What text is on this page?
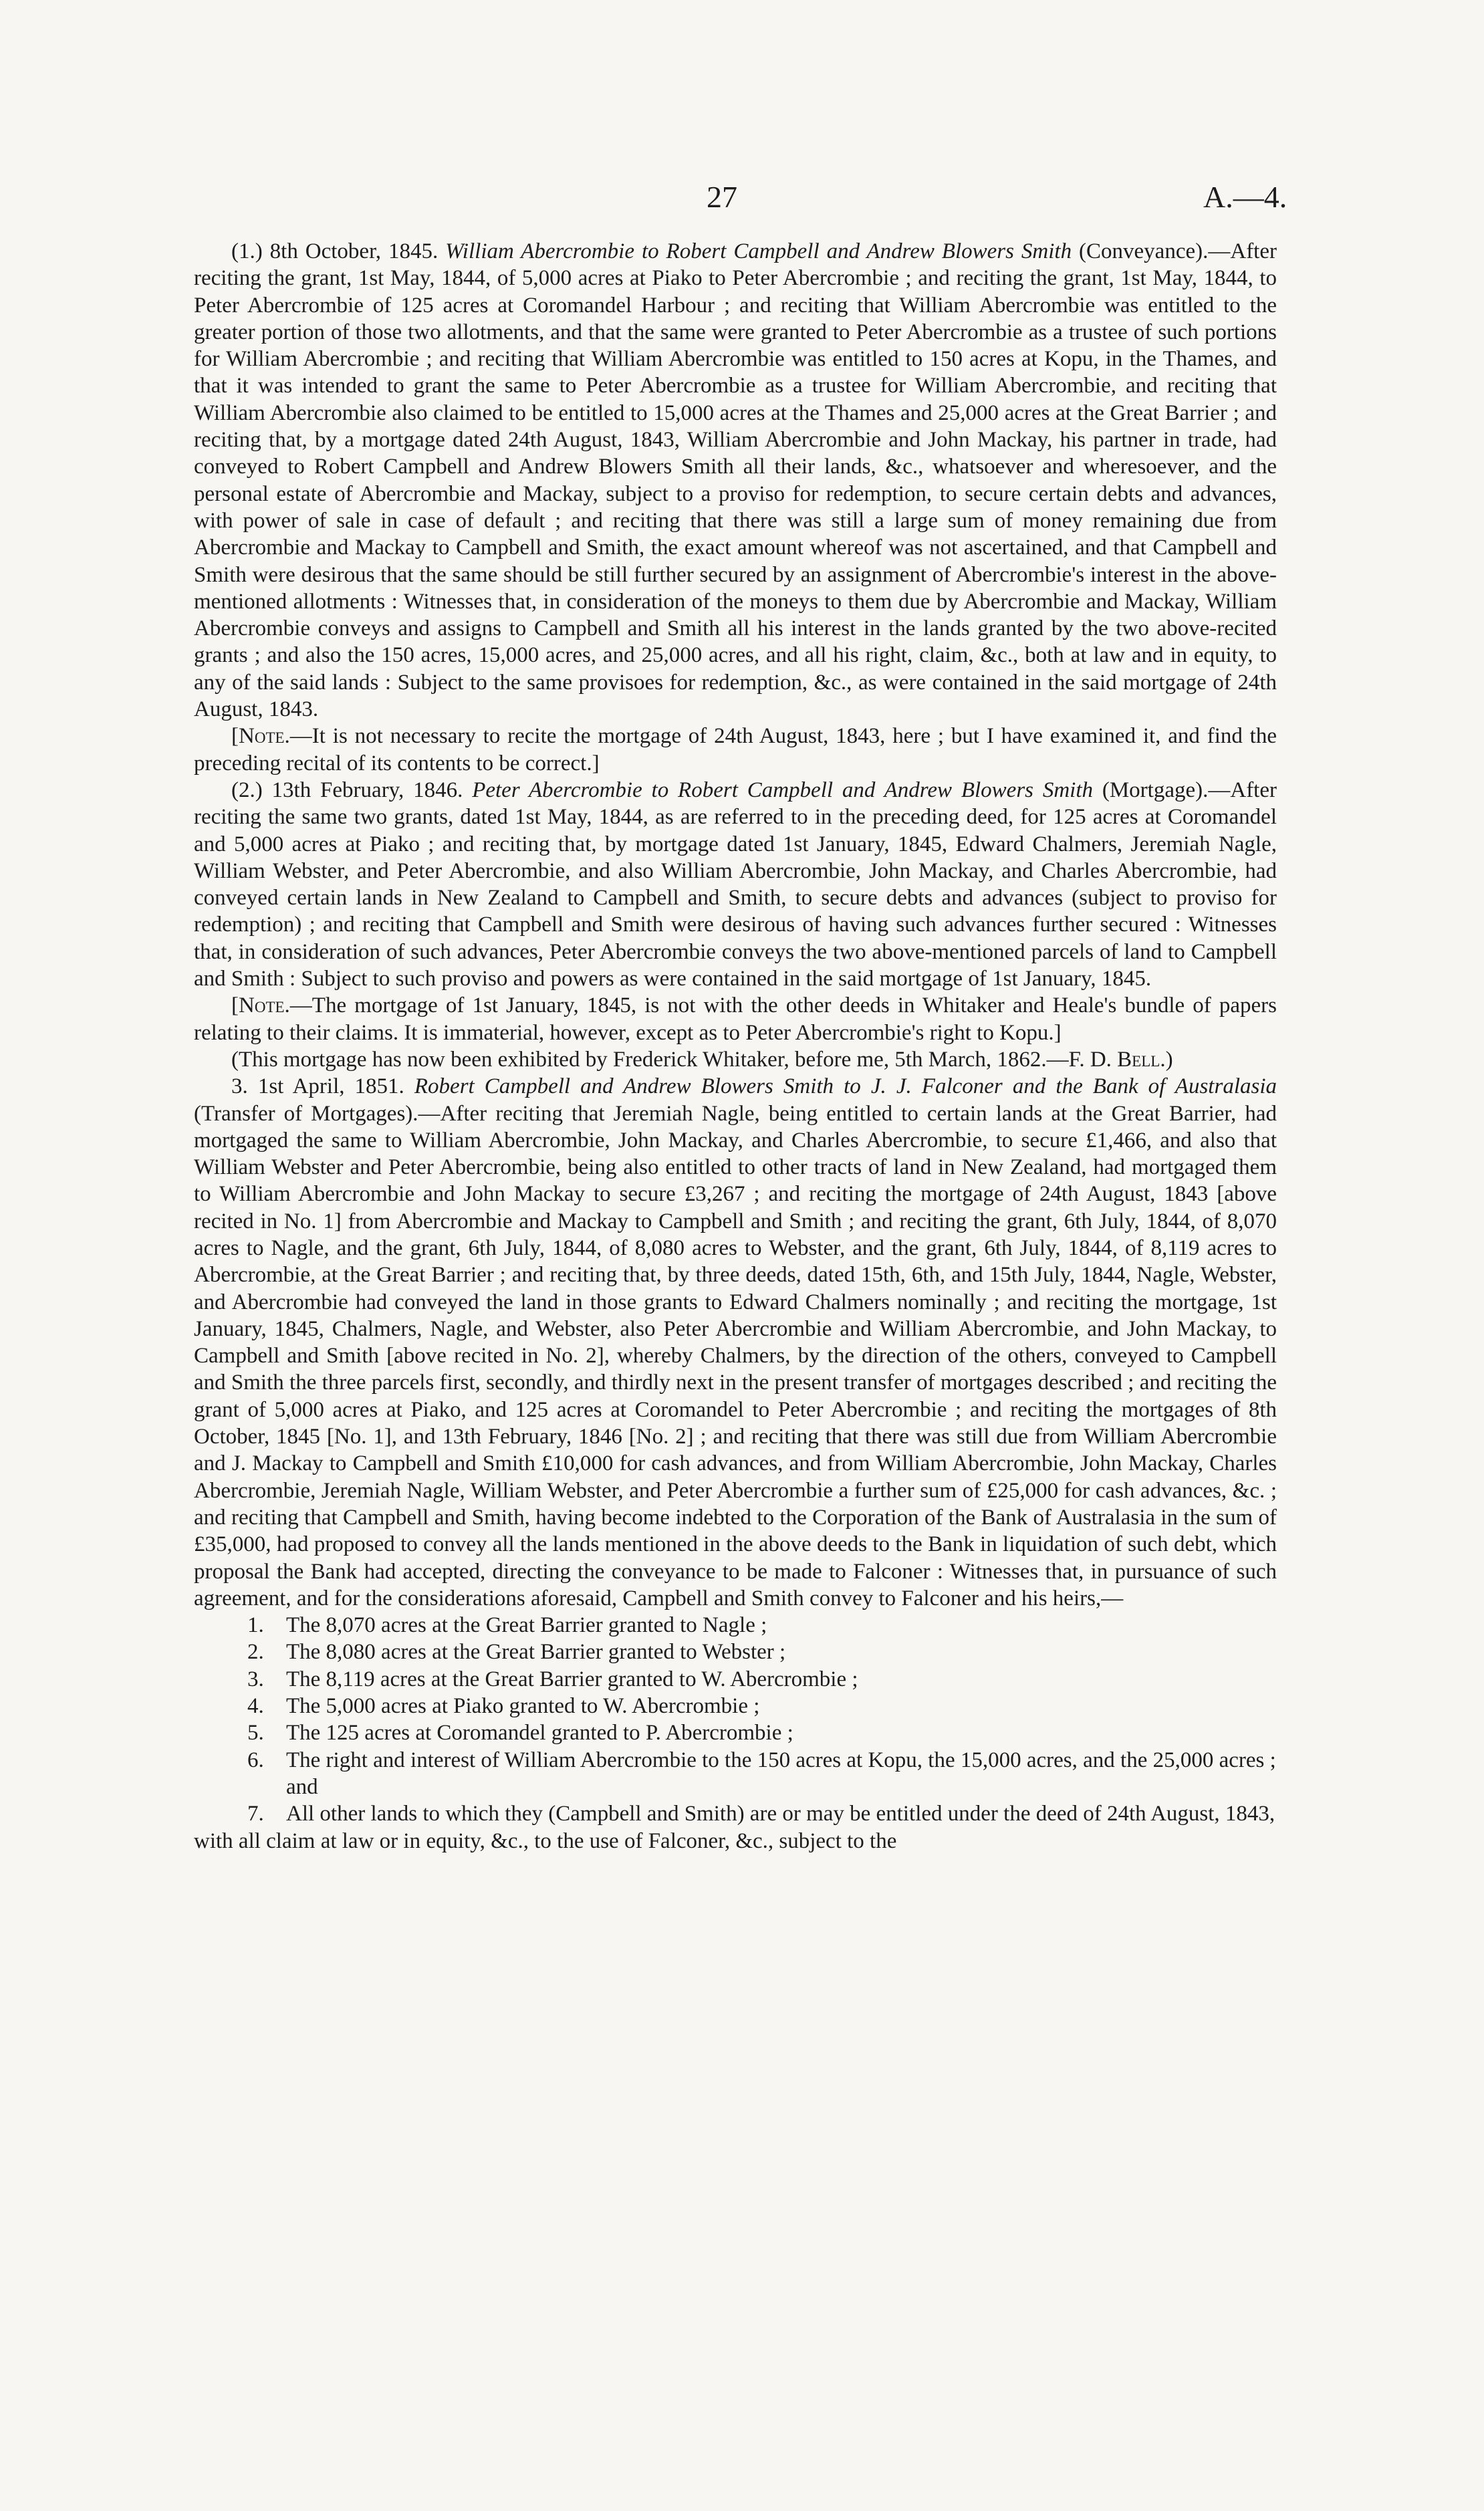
27	A.—4.

(1.) 8th October, 1845. William Abercrombie to Robert Campbell and Andrew Blowers Smith (Conveyance).—After reciting the grant, 1st May, 1844, of 5,000 acres at Piako to Peter Abercrombie ; and reciting the grant, 1st May, 1844, to Peter Abercrombie of 125 acres at Coromandel Harbour ; and reciting that William Abercrombie was entitled to the greater portion of those two allotments, and that the same were granted to Peter Abercrombie as a trustee of such portions for William Abercrombie ; and reciting that William Abercrombie was entitled to 150 acres at Kopu, in the Thames, and that it was intended to grant the same to Peter Abercrombie as a trustee for William Abercrombie, and reciting that William Abercrombie also claimed to be entitled to 15,000 acres at the Thames and 25,000 acres at the Great Barrier ; and reciting that, by a mortgage dated 24th August, 1843, William Abercrombie and John Mackay, his partner in trade, had conveyed to Robert Campbell and Andrew Blowers Smith all their lands, &c., whatsoever and wheresoever, and the personal estate of Abercrombie and Mackay, subject to a proviso for redemption, to secure certain debts and advances, with power of sale in case of default ; and reciting that there was still a large sum of money remaining due from Abercrombie and Mackay to Campbell and Smith, the exact amount whereof was not ascertained, and that Campbell and Smith were desirous that the same should be still further secured by an assignment of Abercrombie's interest in the above-mentioned allotments : Witnesses that, in consideration of the moneys to them due by Abercrombie and Mackay, William Abercrombie conveys and assigns to Campbell and Smith all his interest in the lands granted by the two above-recited grants ; and also the 150 acres, 15,000 acres, and 25,000 acres, and all his right, claim, &c., both at law and in equity, to any of the said lands : Subject to the same provisoes for redemption, &c., as were contained in the said mortgage of 24th August, 1843.

[Note.—It is not necessary to recite the mortgage of 24th August, 1843, here ; but I have examined it, and find the preceding recital of its contents to be correct.]

(2.) 13th February, 1846. Peter Abercrombie to Robert Campbell and Andrew Blowers Smith (Mortgage).—After reciting the same two grants, dated 1st May, 1844, as are referred to in the preceding deed, for 125 acres at Coromandel and 5,000 acres at Piako ; and reciting that, by mortgage dated 1st January, 1845, Edward Chalmers, Jeremiah Nagle, William Webster, and Peter Abercrombie, and also William Abercrombie, John Mackay, and Charles Abercrombie, had conveyed certain lands in New Zealand to Campbell and Smith, to secure debts and advances (subject to proviso for redemption) ; and reciting that Campbell and Smith were desirous of having such advances further secured : Witnesses that, in consideration of such advances, Peter Abercrombie conveys the two above-mentioned parcels of land to Campbell and Smith : Subject to such proviso and powers as were contained in the said mortgage of 1st January, 1845.

[Note.—The mortgage of 1st January, 1845, is not with the other deeds in Whitaker and Heale's bundle of papers relating to their claims. It is immaterial, however, except as to Peter Abercrombie's right to Kopu.]

(This mortgage has now been exhibited by Frederick Whitaker, before me, 5th March, 1862.—F. D. Bell.)

3. 1st April, 1851. Robert Campbell and Andrew Blowers Smith to J. J. Falconer and the Bank of Australasia (Transfer of Mortgages).—After reciting that Jeremiah Nagle, being entitled to certain lands at the Great Barrier, had mortgaged the same to William Abercrombie, John Mackay, and Charles Abercrombie, to secure £1,466, and also that William Webster and Peter Abercrombie, being also entitled to other tracts of land in New Zealand, had mortgaged them to William Abercrombie and John Mackay to secure £3,267 ; and reciting the mortgage of 24th August, 1843 [above recited in No. 1] from Abercrombie and Mackay to Campbell and Smith ; and reciting the grant, 6th July, 1844, of 8,070 acres to Nagle, and the grant, 6th July, 1844, of 8,080 acres to Webster, and the grant, 6th July, 1844, of 8,119 acres to Abercrombie, at the Great Barrier ; and reciting that, by three deeds, dated 15th, 6th, and 15th July, 1844, Nagle, Webster, and Abercrombie had conveyed the land in those grants to Edward Chalmers nominally ; and reciting the mortgage, 1st January, 1845, Chalmers, Nagle, and Webster, also Peter Abercrombie and William Abercrombie, and John Mackay, to Campbell and Smith [above recited in No. 2], whereby Chalmers, by the direction of the others, conveyed to Campbell and Smith the three parcels first, secondly, and thirdly next in the present transfer of mortgages described ; and reciting the grant of 5,000 acres at Piako, and 125 acres at Coromandel to Peter Abercrombie ; and reciting the mortgages of 8th October, 1845 [No. 1], and 13th February, 1846 [No. 2] ; and reciting that there was still due from William Abercrombie and J. Mackay to Campbell and Smith £10,000 for cash advances, and from William Abercrombie, John Mackay, Charles Abercrombie, Jeremiah Nagle, William Webster, and Peter Abercrombie a further sum of £25,000 for cash advances, &c. ; and reciting that Campbell and Smith, having become indebted to the Corporation of the Bank of Australasia in the sum of £35,000, had proposed to convey all the lands mentioned in the above deeds to the Bank in liquidation of such debt, which proposal the Bank had accepted, directing the conveyance to be made to Falconer : Witnesses that, in pursuance of such agreement, and for the considerations aforesaid, Campbell and Smith convey to Falconer and his heirs,—

1. The 8,070 acres at the Great Barrier granted to Nagle ;
2. The 8,080 acres at the Great Barrier granted to Webster ;
3. The 8,119 acres at the Great Barrier granted to W. Abercrombie ;
4. The 5,000 acres at Piako granted to W. Abercrombie ;
5. The 125 acres at Coromandel granted to P. Abercrombie ;
6. The right and interest of William Abercrombie to the 150 acres at Kopu, the 15,000 acres, and the 25,000 acres ; and
7. All other lands to which they (Campbell and Smith) are or may be entitled under the deed of 24th August, 1843,

with all claim at law or in equity, &c., to the use of Falconer, &c., subject to the
